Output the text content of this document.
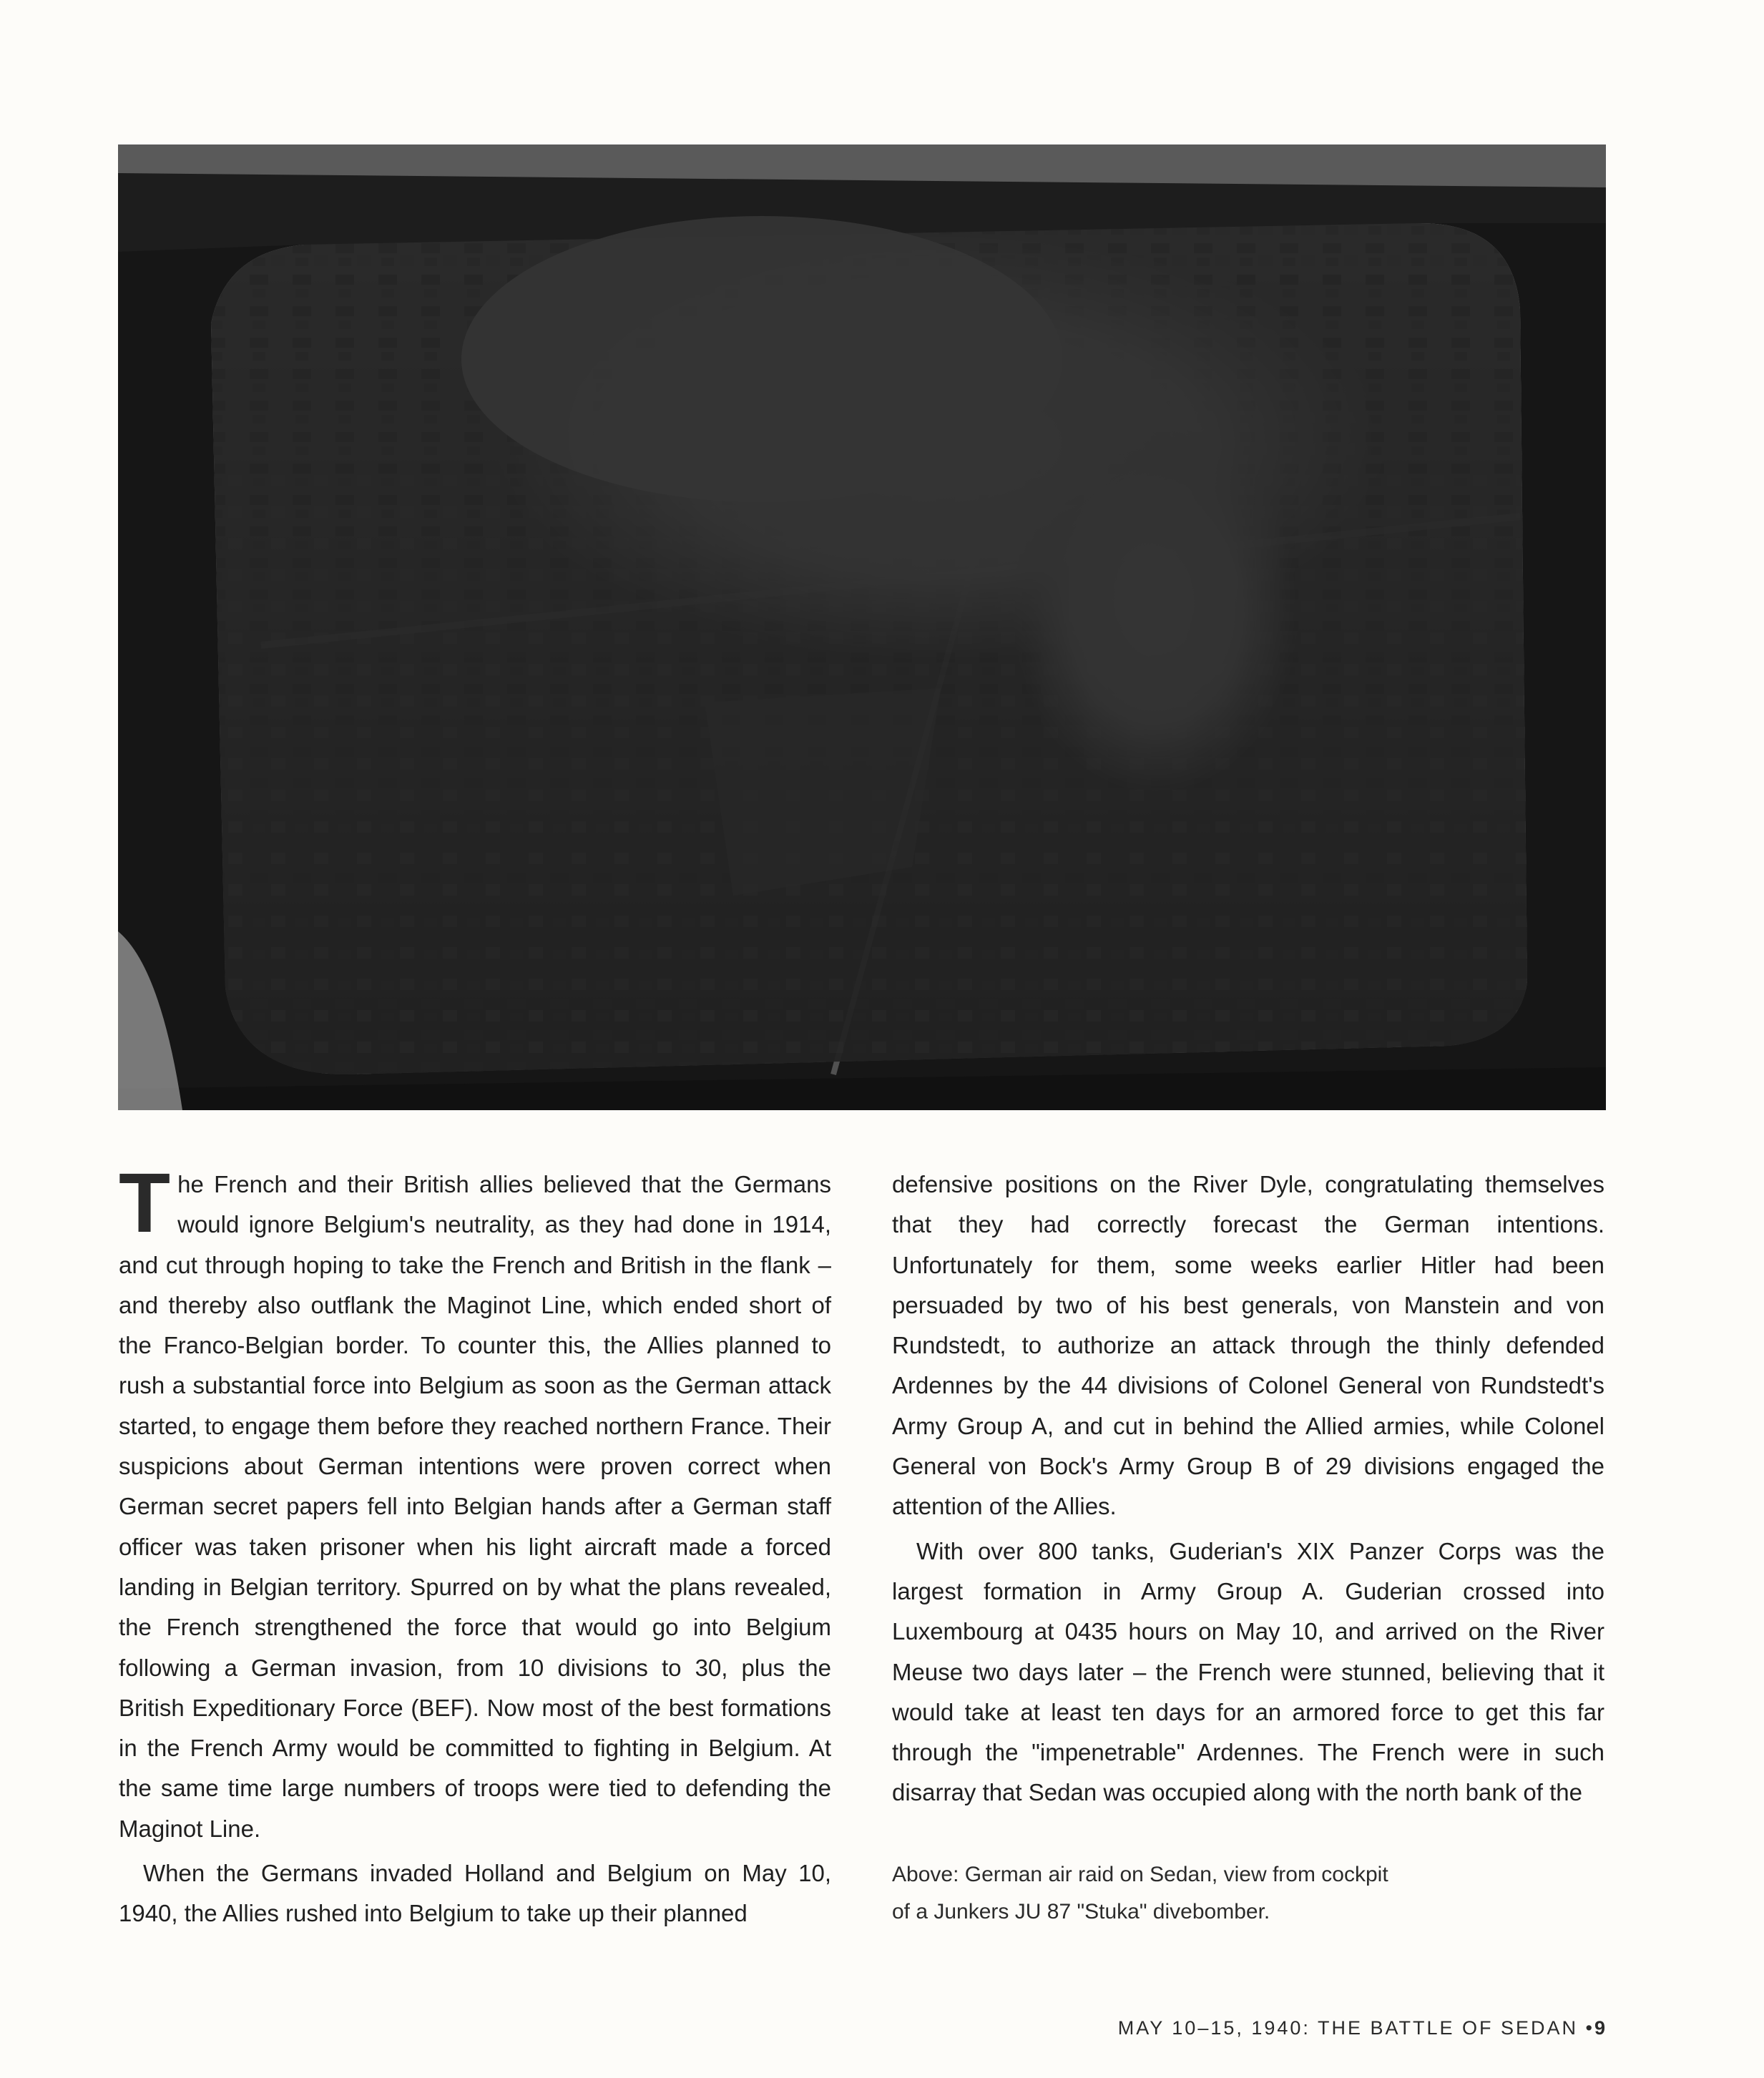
The French and their British allies believed that the Germans would ignore Belgium's neutrality, as they had done in 1914, and cut through hoping to take the French and British in the flank – and thereby also outflank the Maginot Line, which ended short of the Franco-Belgian border. To counter this, the Allies planned to rush a substantial force into Belgium as soon as the German attack started, to engage them before they reached northern France. Their suspicions about German intentions were proven correct when German secret papers fell into Belgian hands after a German staff officer was taken prisoner when his light aircraft made a forced landing in Belgian territory. Spurred on by what the plans revealed, the French strengthened the force that would go into Belgium following a German invasion, from 10 divisions to 30, plus the British Expeditionary Force (BEF). Now most of the best formations in the French Army would be committed to fighting in Belgium. At the same time large numbers of troops were tied to defending the Maginot Line.

When the Germans invaded Holland and Belgium on May 10, 1940, the Allies rushed into Belgium to take up their planned

defensive positions on the River Dyle, congratulating themselves that they had correctly forecast the German intentions. Unfortunately for them, some weeks earlier Hitler had been persuaded by two of his best generals, von Manstein and von Rundstedt, to authorize an attack through the thinly defended Ardennes by the 44 divisions of Colonel General von Rundstedt's Army Group A, and cut in behind the Allied armies, while Colonel General von Bock's Army Group B of 29 divisions engaged the attention of the Allies.

With over 800 tanks, Guderian's XIX Panzer Corps was the largest formation in Army Group A. Guderian crossed into Luxembourg at 0435 hours on May 10, and arrived on the River Meuse two days later – the French were stunned, believing that it would take at least ten days for an armored force to get this far through the "impenetrable" Ardennes. The French were in such disarray that Sedan was occupied along with the north bank of the

Above: German air raid on Sedan, view from cockpit
of a Junkers JU 87 "Stuka" divebomber.
MAY 10–15, 1940: THE BATTLE OF SEDAN •9
